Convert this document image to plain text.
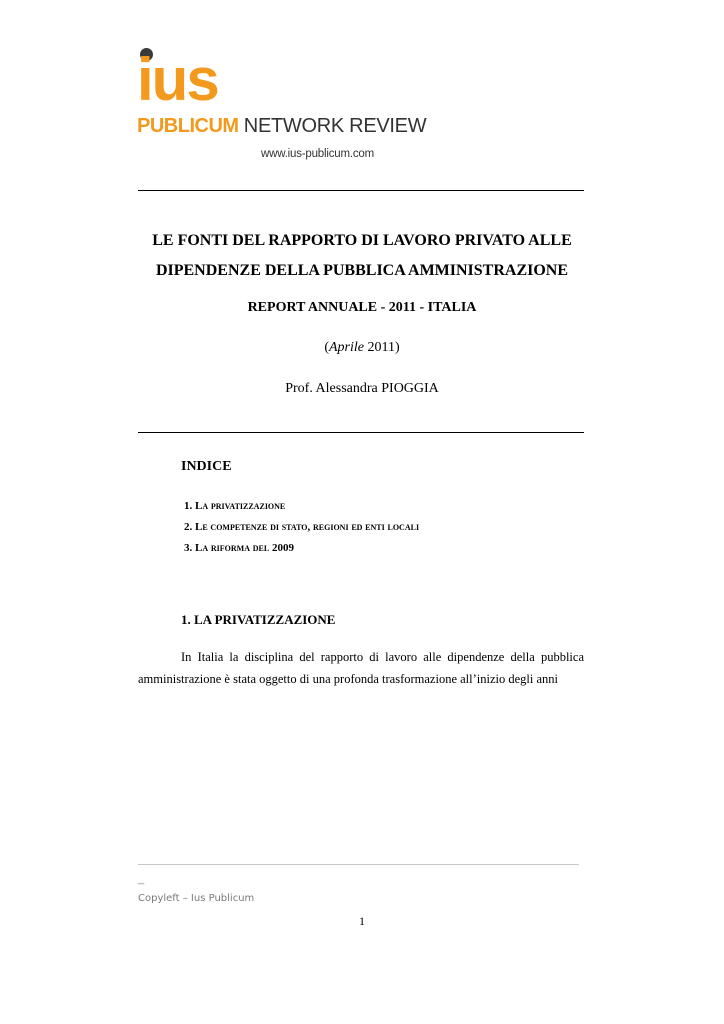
ius
PUBLICUM NETWORK REVIEW
www.ius-publicum.com
LE FONTI DEL RAPPORTO DI LAVORO PRIVATO ALLE
DIPENDENZE DELLA PUBBLICA AMMINISTRAZIONE
REPORT ANNUALE - 2011 - ITALIA
(Aprile 2011)
Prof. Alessandra PIOGGIA
INDICE
1. La privatizzazione
2. Le competenze di stato, regioni ed enti locali
3. La riforma del 2009
1. LA PRIVATIZZAZIONE

In Italia la disciplina del rapporto di lavoro alle dipendenze della pubblica amministrazione è stata oggetto di una profonda trasformazione all’inizio degli anni

_
Copyleft – Ius Publicum
1
